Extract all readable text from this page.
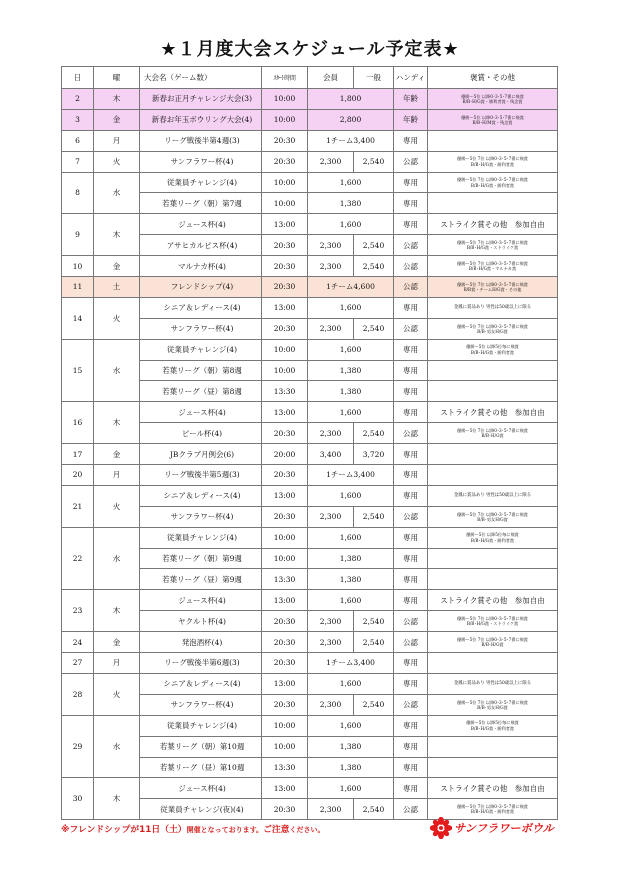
★１月度大会スケジュール予定表★
日	曜	大会名（ゲーム数）	ｽﾀｰﾄ時間	会員	一般	ハンディ	褒賞・その他
2	木	新春お正月チャレンジ大会(3)	10:00	1,800		年齢	優勝～5位 以降0･3･5･7番に飛賞
B/B･H/G賞・勝利者賞・残念賞

3	金	新春お年玉ボウリング大会(4)	10:00	2,800		年齢	優勝～5位 以降0･3･5･7番に飛賞
B/B･H/M賞・残念賞

6	月	リーグ戦後半第4週(3)	20:30	1チーム3,400		専用	
7	火	サンフラワー杯(4)	20:30	2,300	2,540	公認	優勝～5位 7位 以降0･3･5･7番に飛賞
B/B･H/G賞・勝利者賞

8	水	従業員チャレンジ(4)	10:00	1,600		専用	優勝～5位 7位 以降0･3･5･7番に飛賞
B/B･H/G賞・勝利者賞

		若葉リーグ（朝）第7週	10:00	1,380		専用	
9	木	ジュース杯(4)	13:00	1,600		専用	ストライク賞その他　参加自由

		アサヒカルピス杯(4)	20:30	2,300	2,540	公認	優勝～5位 7位 以降0･3･5･7番に飛賞
B/B･H/G賞・ストライク賞

10	金	マルナカ杯(4)	20:30	2,300	2,540	公認	優勝～5位 7位 以降0･3･5･7番に飛賞
B/B･H/G賞・マルナカ賞

11	土	フレンドシップ(4)	20:30	1チーム4,600		公認	優勝～5位 7位 以降0･3･5･7番に飛賞
B/B賞・チームH/G賞・その他

14	火	シニア＆レディース(4)	13:00	1,600		専用	金鳳に賞品あり 男性は50歳以上に限る

		サンフラワー杯(4)	20:30	2,300	2,540	公認	優勝～5位 7位 以降0･3･5･7番に飛賞
B/B･男女H/G賞

15	水	従業員チャレンジ(4)	10:00	1,600		専用	優勝～5位 以降5位毎に飛賞
B/B･H/G賞・勝利者賞

		若葉リーグ（朝）第8週	10:00	1,380		専用	
		若葉リーグ（昼）第8週	13:30	1,380		専用	
16	木	ジュース杯(4)	13:00	1,600		専用	ストライク賞その他　参加自由

		ビール杯(4)	20:30	2,300	2,540	公認	優勝～5位 7位 以降0･3･5･7番に飛賞
B/B･H/G賞

17	金	JBクラブ月例会(6)	20:00	3,400	3,720	専用	
20	月	リーグ戦後半第5週(3)	20:30	1チーム3,400		専用	
21	火	シニア＆レディース(4)	13:00	1,600		専用	金鳳に賞品あり 男性は50歳以上に限る

		サンフラワー杯(4)	20:30	2,300	2,540	公認	優勝～5位 7位 以降0･3･5･7番に飛賞
B/B･男女H/G賞

22	水	従業員チャレンジ(4)	10:00	1,600		専用	優勝～5位 以降5位毎に飛賞
B/B･H/G賞・勝利者賞

		若葉リーグ（朝）第9週	10:00	1,380		専用	
		若葉リーグ（昼）第9週	13:30	1,380		専用	
23	木	ジュース杯(4)	13:00	1,600		専用	ストライク賞その他　参加自由

		ヤクルト杯(4)	20:30	2,300	2,540	公認	優勝～5位 7位 以降0･3･5･7番に飛賞
B/B･H/G賞・ストライク賞

24	金	発泡酒杯(4)	20:30	2,300	2,540	公認	優勝～5位 7位 以降0･3･5･7番に飛賞
B/B･H/G賞

27	月	リーグ戦後半第6週(3)	20:30	1チーム3,400		専用	
28	火	シニア＆レディース(4)	13:00	1,600		専用	金鳳に賞品あり 男性は50歳以上に限る

		サンフラワー杯(4)	20:30	2,300	2,540	公認	優勝～5位 7位 以降0･3･5･7番に飛賞
B/B･男女H/G賞

29	水	従業員チャレンジ(4)	10:00	1,600		専用	優勝～5位 以降5位毎に飛賞
B/B･H/G賞・勝利者賞

		若葉リーグ（朝）第10週	10:00	1,380		専用	
		若葉リーグ（昼）第10週	13:30	1,380		専用	
30	木	ジュース杯(4)	13:00	1,600		専用	ストライク賞その他　参加自由

		従業員チャレンジ(夜)(4)	20:30	2,300	2,540	公認	優勝～5位 7位 以降0･3･5･7番に飛賞
B/B･H/G賞・勝利者賞
※フレンドシップが11日（土）開催となっております。ご注意ください。	サンフラワーボウル
